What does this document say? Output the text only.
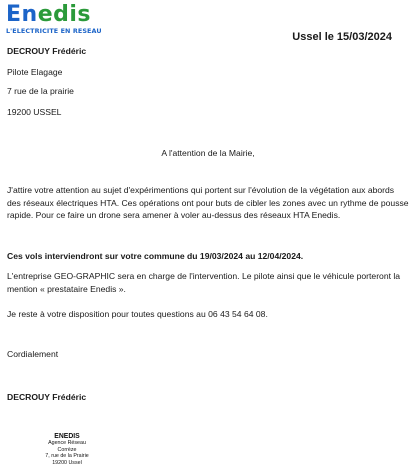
Enedis
L'ELECTRICITE EN RESEAU	Ussel le 15/03/2024
DECROUY Frédéric
Pilote Elagage
7 rue de la prairie
19200 USSEL
A l'attention de la Mairie,
J'attire votre attention au sujet d'expérimentions qui portent sur l'évolution de la végétation aux abords des réseaux électriques HTA. Ces opérations ont pour buts de cibler les zones avec un rythme de pousse rapide. Pour ce faire un drone sera amener à voler au-dessus des réseaux HTA Enedis.
Ces vols interviendront sur votre commune du 19/03/2024 au 12/04/2024.
L'entreprise GEO-GRAPHIC sera en charge de l'intervention. Le pilote ainsi que le véhicule porteront la mention « prestataire Enedis ».
Je reste à votre disposition pour toutes questions au 06 43 54 64 08.
Cordialement
DECROUY Frédéric
ENEDIS
Agence Réseau Corrèze
7, rue de la Prairie
19200 Ussel
